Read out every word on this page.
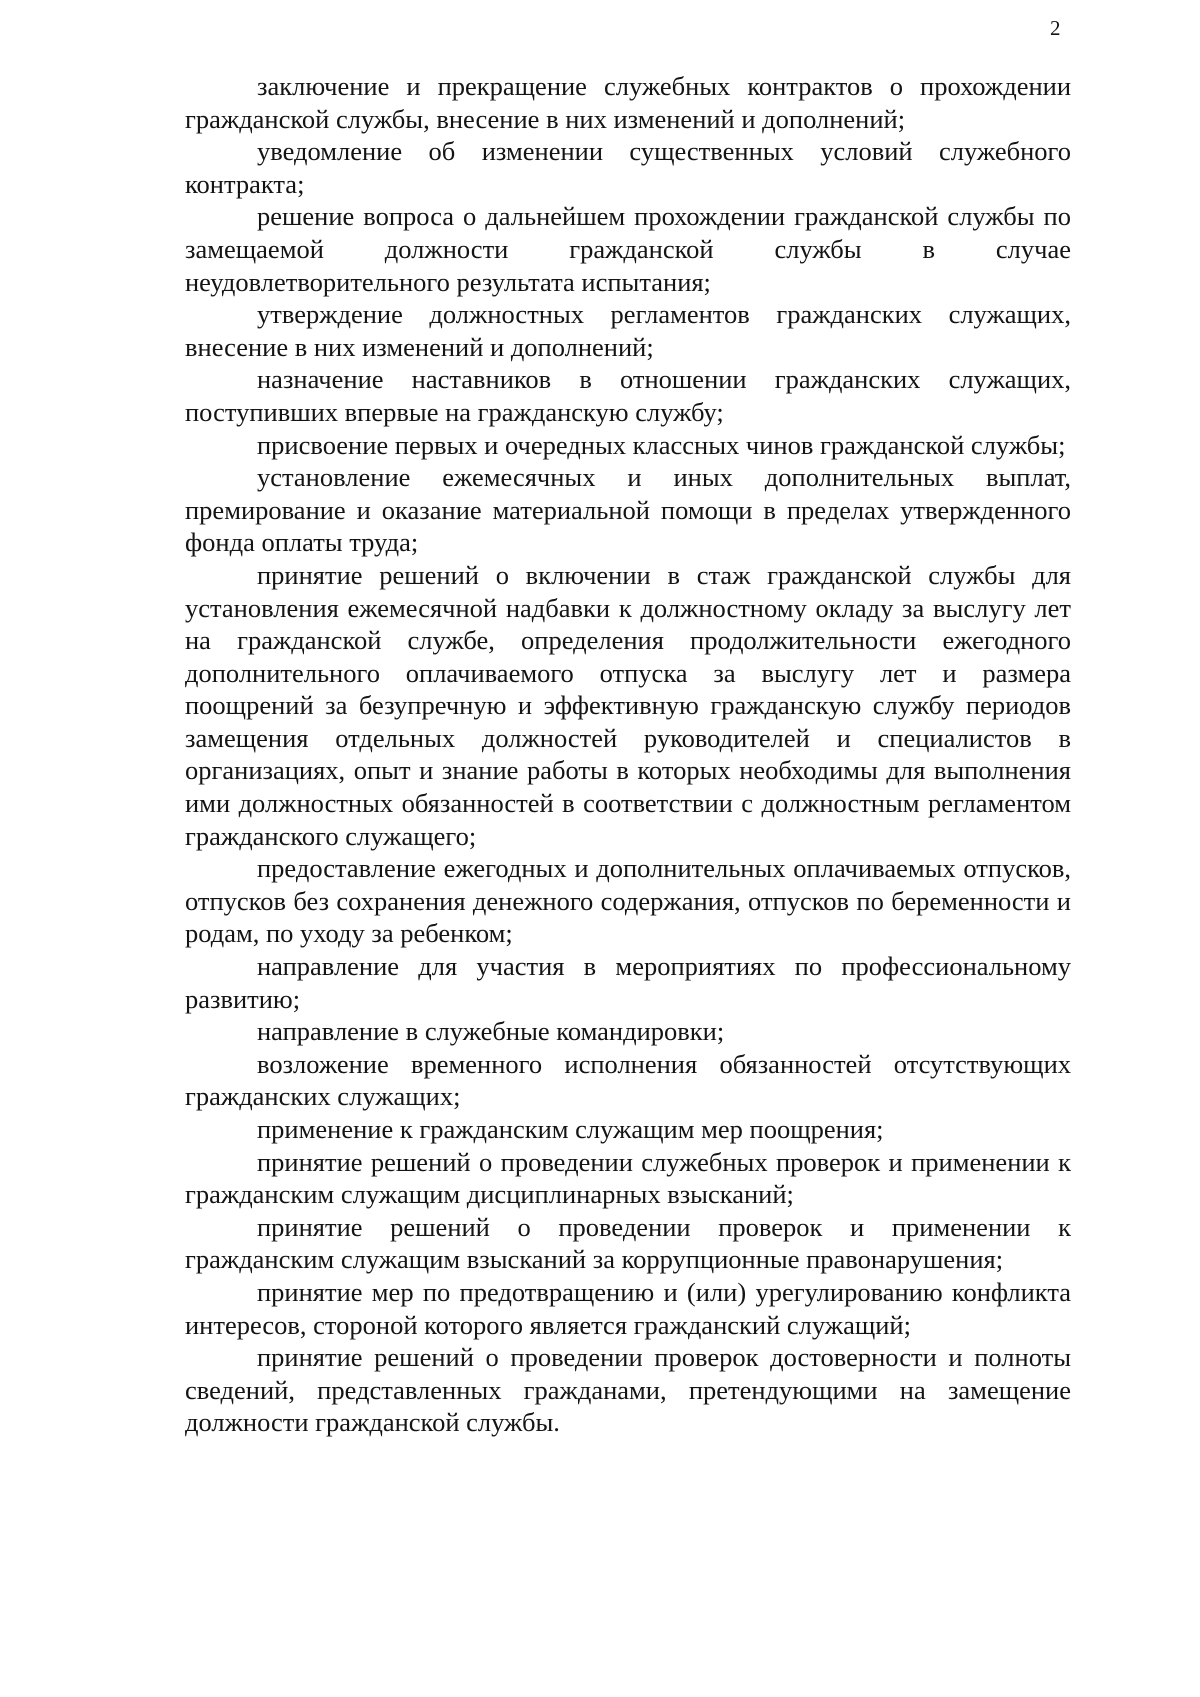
2

заключение и прекращение служебных контрактов о прохождении гражданской службы, внесение в них изменений и дополнений;

уведомление об изменении существенных условий служебного контракта;

решение вопроса о дальнейшем прохождении гражданской службы по замещаемой должности гражданской службы в случае неудовлетворительного результата испытания;

утверждение должностных регламентов гражданских служащих, внесение в них изменений и дополнений;

назначение наставников в отношении гражданских служащих, поступивших впервые на гражданскую службу;

присвоение первых и очередных классных чинов гражданской службы;

установление ежемесячных и иных дополнительных выплат, премирование и оказание материальной помощи в пределах утвержденного фонда оплаты труда;

принятие решений о включении в стаж гражданской службы для установления ежемесячной надбавки к должностному окладу за выслугу лет на гражданской службе, определения продолжительности ежегодного дополнительного оплачиваемого отпуска за выслугу лет и размера поощрений за безупречную и эффективную гражданскую службу периодов замещения отдельных должностей руководителей и специалистов в организациях, опыт и знание работы в которых необходимы для выполнения ими должностных обязанностей в соответствии с должностным регламентом гражданского служащего;

предоставление ежегодных и дополнительных оплачиваемых отпусков, отпусков без сохранения денежного содержания, отпусков по беременности и родам, по уходу за ребенком;

направление для участия в мероприятиях по профессиональному развитию;

направление в служебные командировки;

возложение временного исполнения обязанностей отсутствующих гражданских служащих;

применение к гражданским служащим мер поощрения;

принятие решений о проведении служебных проверок и применении к гражданским служащим дисциплинарных взысканий;

принятие решений о проведении проверок и применении к гражданским служащим взысканий за коррупционные правонарушения;

принятие мер по предотвращению и (или) урегулированию конфликта интересов, стороной которого является гражданский служащий;

принятие решений о проведении проверок достоверности и полноты сведений, представленных гражданами, претендующими на замещение должности гражданской службы.
